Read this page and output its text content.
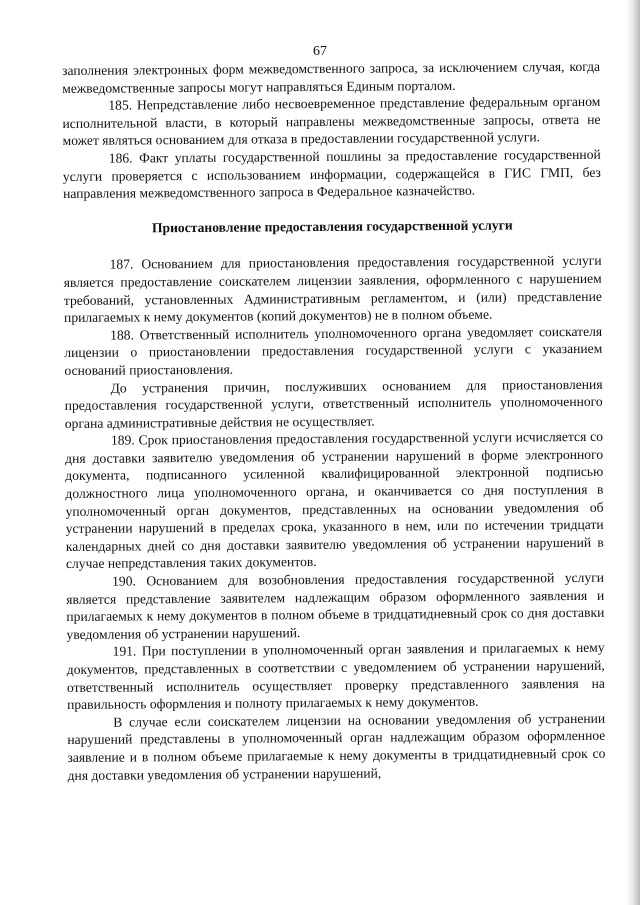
67

заполнения электронных форм межведомственного запроса, за исключением случая, когда межведомственные запросы могут направляться Единым порталом.

185. Непредставление либо несвоевременное представление федеральным органом исполнительной власти, в который направлены межведомственные запросы, ответа не может являться основанием для отказа в предоставлении государственной услуги.

186. Факт уплаты государственной пошлины за предоставление государственной услуги проверяется с использованием информации, содержащейся в ГИС ГМП, без направления межведомственного запроса в Федеральное казначейство.

Приостановление предоставления государственной услуги

187. Основанием для приостановления предоставления государственной услуги является предоставление соискателем лицензии заявления, оформленного с нарушением требований, установленных Административным регламентом, и (или) представление прилагаемых к нему документов (копий документов) не в полном объеме.

188. Ответственный исполнитель уполномоченного органа уведомляет соискателя лицензии о приостановлении предоставления государственной услуги с указанием оснований приостановления.

До устранения причин, послуживших основанием для приостановления предоставления государственной услуги, ответственный исполнитель уполномоченного органа административные действия не осуществляет.

189. Срок приостановления предоставления государственной услуги исчисляется со дня доставки заявителю уведомления об устранении нарушений в форме электронного документа, подписанного усиленной квалифицированной электронной подписью должностного лица уполномоченного органа, и оканчивается со дня поступления в уполномоченный орган документов, представленных на основании уведомления об устранении нарушений в пределах срока, указанного в нем, или по истечении тридцати календарных дней со дня доставки заявителю уведомления об устранении нарушений в случае непредставления таких документов.

190. Основанием для возобновления предоставления государственной услуги является представление заявителем надлежащим образом оформленного заявления и прилагаемых к нему документов в полном объеме в тридцатидневный срок со дня доставки уведомления об устранении нарушений.

191. При поступлении в уполномоченный орган заявления и прилагаемых к нему документов, представленных в соответствии с уведомлением об устранении нарушений, ответственный исполнитель осуществляет проверку представленного заявления на правильность оформления и полноту прилагаемых к нему документов.

В случае если соискателем лицензии на основании уведомления об устранении нарушений представлены в уполномоченный орган надлежащим образом оформленное заявление и в полном объеме прилагаемые к нему документы в тридцатидневный срок со дня доставки уведомления об устранении нарушений,
